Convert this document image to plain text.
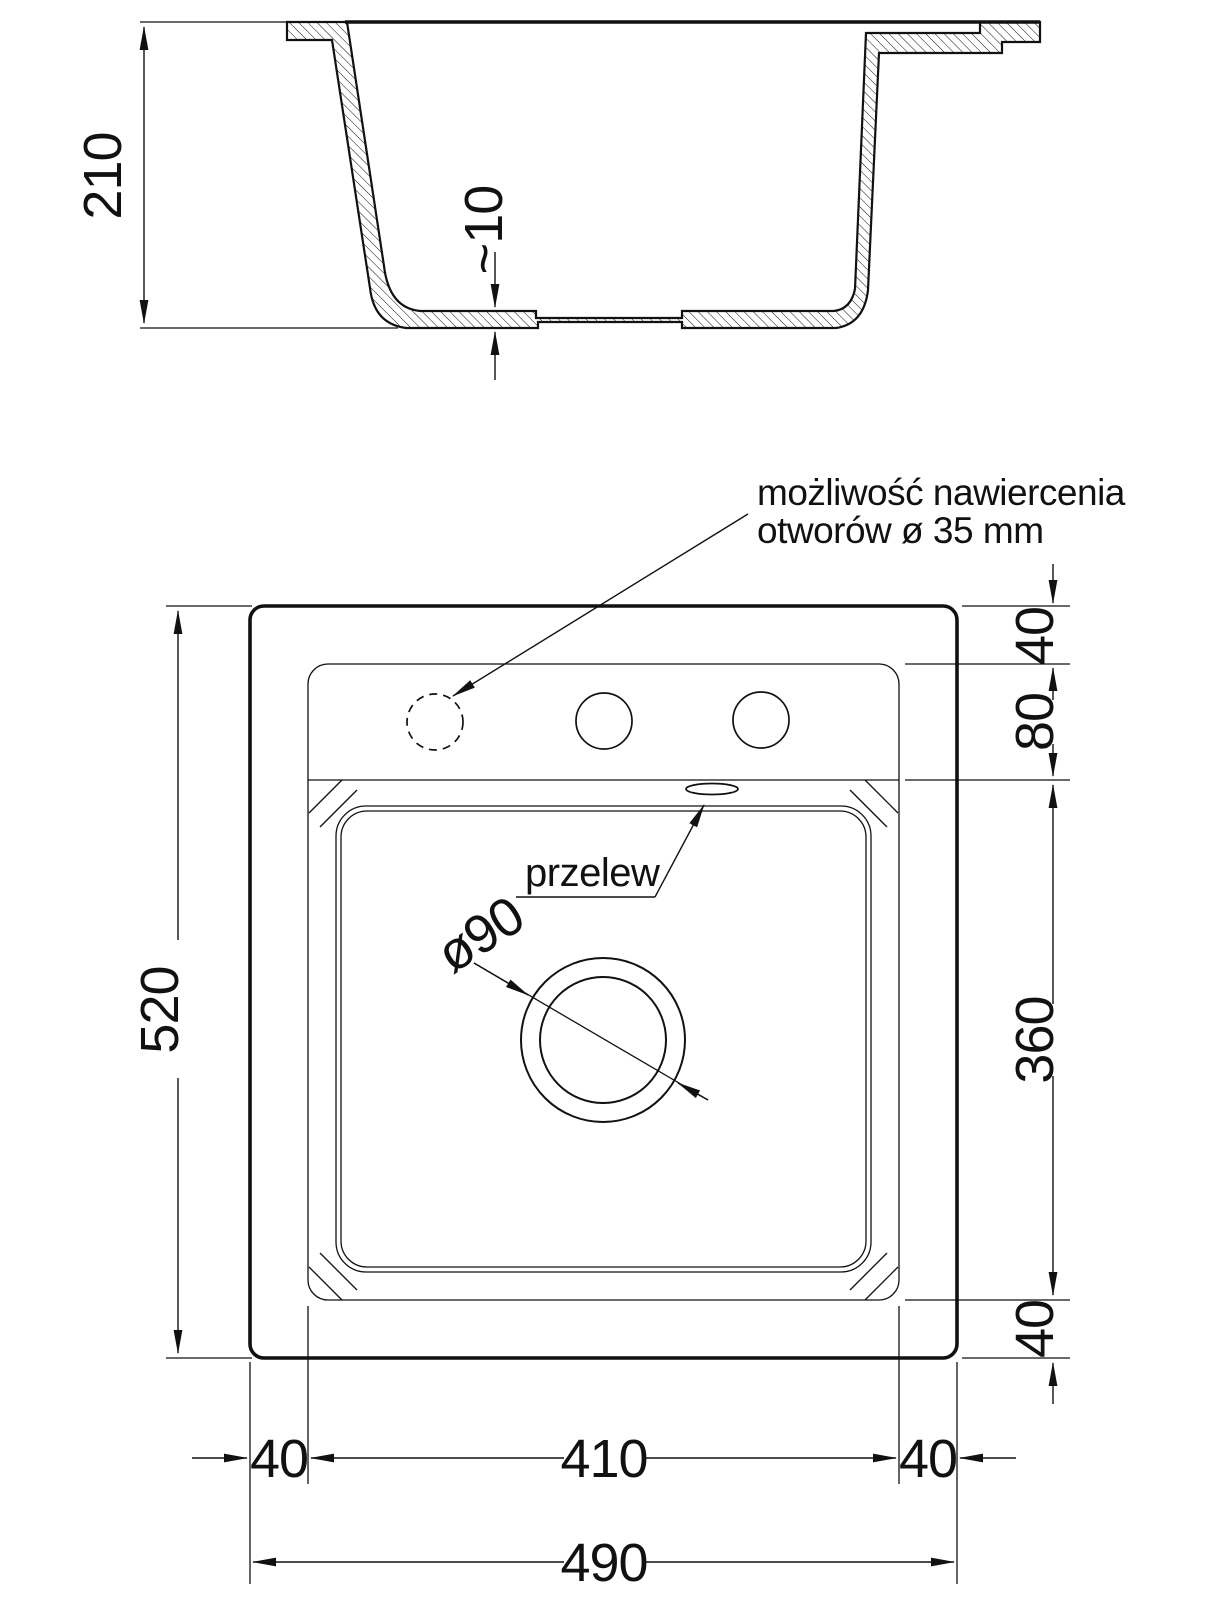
210
~10
ø90
możliwość nawiercenia
otworów ø 35 mm
przelew
520
40
80
360
40
40	410	40
490
